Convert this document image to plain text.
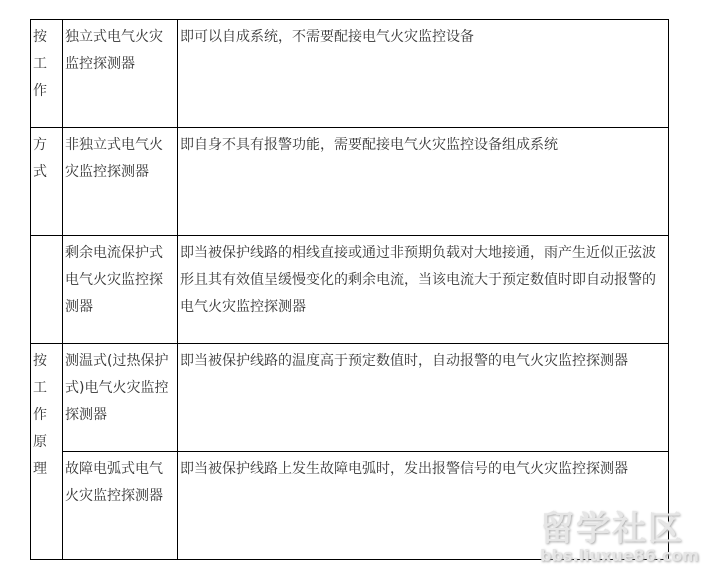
按工作	独立式电气火灾监控探测器	即可以自成系统，不需要配接电气火灾监控设备
方式	非独立式电气火灾监控探测器	即自身不具有报警功能，需要配接电气火灾监控设备组成系统
	剩余电流保护式电气火灾监控探测器	即当被保护线路的相线直接或通过非预期负载对大地接通，雨产生近似正弦波形且其有效值呈缓慢变化的剩余电流，当该电流大于预定数值时即自动报警的电气火灾监控探测器
按工作原理	测温式(过热保护式)电气火灾监控探测器	即当被保护线路的温度高于预定数值时，自动报警的电气火灾监控探测器
	故障电弧式电气火灾监控探测器	即当被保护线路上发生故障电弧时，发出报警信号的电气火灾监控探测器
留学社区
bbs.liuxue86.com
